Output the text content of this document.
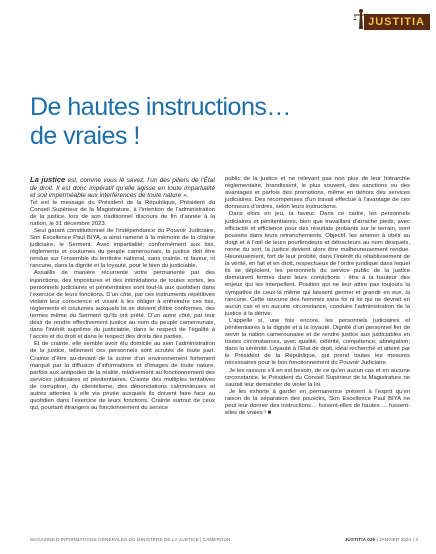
JUSTITIA
De hautes instructions…
de vraies !

La justice est, comme vous le savez, l’un des piliers de l’État de droit. Il est donc impératif qu’elle agisse en toute impartialité et soit imperméable aux interférences de toute nature ».

Tel est le message du Président de la République, Président du Conseil Supérieur de la Magistrature, à l’intention de l’administration de la justice, lors de son traditionnel discours de fin d’année à la nation, le 31 décembre 2023.

Seul garant constitutionnel de l’indépendance du Pouvoir Judiciaire, Son Excellence Paul BIYA, a ainsi ramené à la mémoire de la chaîne judiciaire, le Serment. Avec impartialité; conformément aux lois, règlements et coutumes du peuple camerounais, la justice doit être rendue sur l’ensemble du territoire national, sans crainte, ni faveur, ni rancune, dans la dignité et la loyauté, pour le bien du justiciable.

Assaillis de manière récurrente votre permanente par des injonctions, des impostures et des intimidations de toutes sortes, les personnels judiciaires et pénitentiaires sont tout-là aux quotidien dans l’exercice de leurs fonctions. D’un côté, par ces instruments répétitives violant leur conscience et visant à les obliger à enfreindre ces lois, règlements et coutumes auxquels ils se doivent d’être conformes, des termes même du Serment qu’ils ont prêté. D’un autre côté, par leur désir de rendre effectivement justice au nom du peuple camerounais, dans l’intérêt suprême du justiciable, dans le respect de l’égalité à l’accès et du droit et dans le respect des droits des parties.

Et de crainte, elle semble avoir élu domicile au sein l’administration de la justice, tellement ces personnels sont scrutés de toute part. Crainte d’être au-devant de la scène d’un environnement fortement marqué par la diffusion d’informations et d’images de toute nature, parfois aux antipodes de la réalité, relativement au fonctionnement des services judiciaires et pénitentiaires. Crainte des multiples tentatives de corruption, du clientélisme, des dénonciations calomnieuses et autres attentes à elle via privée auxquels ils doivent faire face au quotidien dans l’exercice de leurs fonctions. Crainte surtout de ceux qui, pourtant étrangers au fonctionnement du service

public de la justice et ne relevant pas non plus de leur hiérarchie réglementaire, brandissent, le plus souvent, des sanctions ou des avantages et parfois des promotions, même en dehors des services judiciaires. Des récompenses d’un travail effectué à l’avantage de ces donneurs d’ordres, selon leurs instructions.

Dans elors en jeu, la faveur. Dans ce cadre, les personnels judiciaires et pénitentiaires, bien que travaillant d’arrache pieds, avec efficacité et efficience pour des résultats probants sur le terrain, sont poussés dans leurs retranchements. Objectif, les amener à obéir au doigt et à l’œil de leurs pourfendeurs et détracteurs au nom desquels, ronne du sort, la justice devient alors être malheureusement rendue. Heureusement, fort de leur probité, dans l’intérêt du rétablissement de la vérité, en fait et en droit, respectueux de l’ordre juridique dans lequel ils se déploient, les personnels du service public de la justice demeurent fermes dans leurs convictions : être à la hauteur des enjeux qui les interpellent. Position qui ne leur attire pas toujours la sympathie de ceux-là même qui laissent germer et grandir en eux, la rancune. Cette rancune des hommes sans foi ni loi qui ne devrait en aucun cas et en aucune circonstance, conduire l’administration de la justice à la dérive.

L’appelle si, une fois encore, les personnels judiciaires et pénitentiaires à la dignité et à la loyauté. Dignité d’un personnel fier de servir la nation camerounaise et de rendre justice aux justiciables en toutes circonstances, avec qualité, célérité, compétence, abnégation; dans la sérénité. Loyauté à l’État de droit, idéal recherché et atteint par le Président de la République, qui prend toutes les mesures nécessaires pour le bon fonctionnement du Pouvoir Judiciaire.

Je les rassure s’il en est besoin, de ce qu’en aucun cas et en aucune circonstance, le Président du Conseil Supérieur de la Magistrature ne saurait leur demander de violer la loi.

Je les exhorte à garder en permanence présent à l’esprit qu’en raison de la séparation des pouvoirs, Son Excellence Paul BIYA ne peut leur donner des instructions… fussent-elles de hautes … fussent-elles de vraies ! ■

MAGAZINE D’INFORMATIONS GÉNÉRALES DU MINISTÈRE DE LA JUSTICE | CAMEROUN	JUSTITIA 026 | JANVIER 2024 | 3
